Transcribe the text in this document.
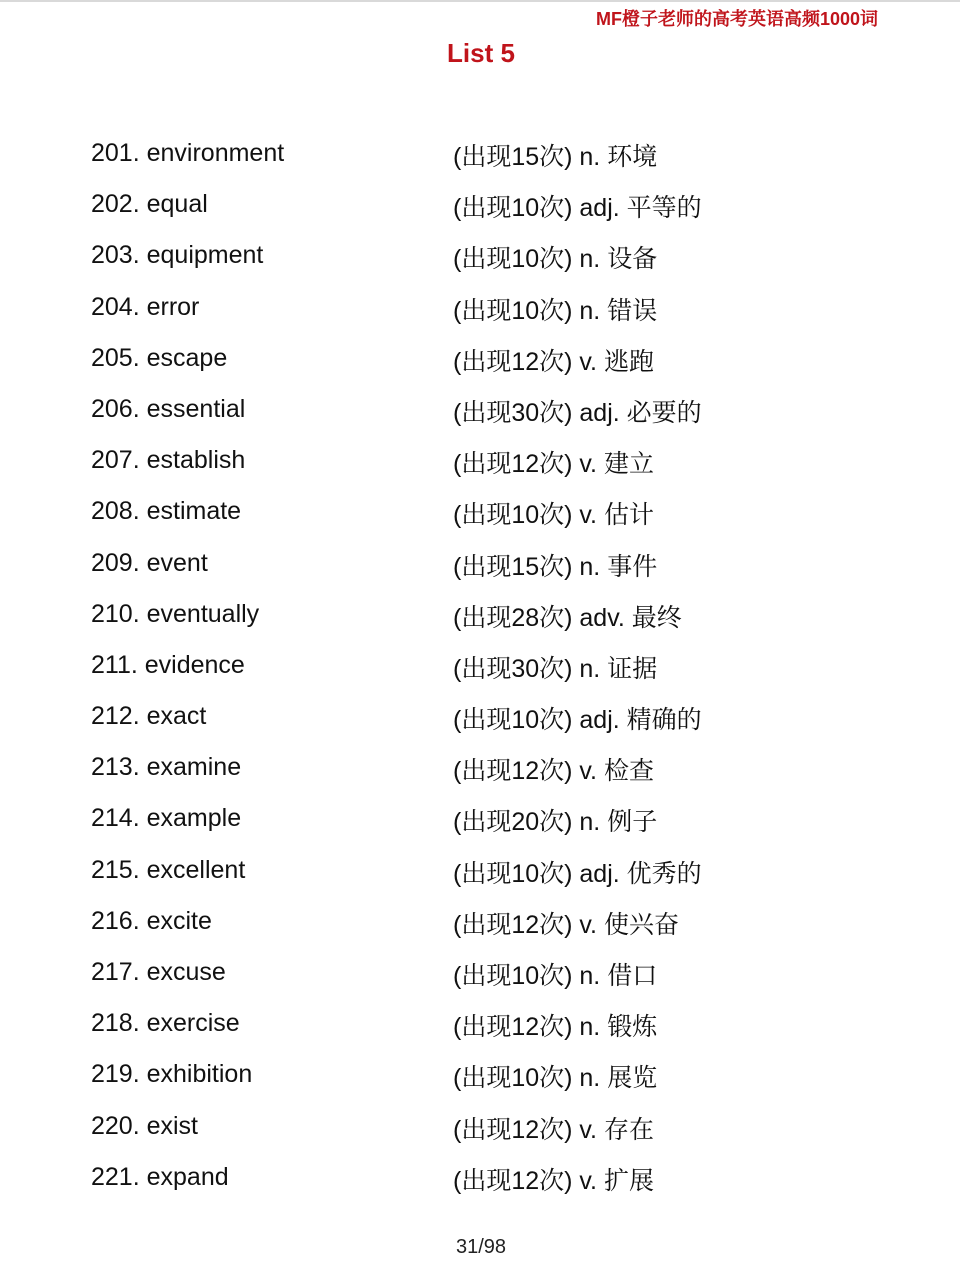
MF橙子老师的高考英语高频1000词
List 5
201. environment	(出现15次) n. 环境
202. equal	(出现10次) adj. 平等的
203. equipment	(出现10次) n. 设备
204. error	(出现10次) n. 错误
205. escape	(出现12次) v. 逃跑
206. essential	(出现30次) adj. 必要的
207. establish	(出现12次) v. 建立
208. estimate	(出现10次) v. 估计
209. event	(出现15次) n. 事件
210. eventually	(出现28次) adv. 最终
211. evidence	(出现30次) n. 证据
212. exact	(出现10次) adj. 精确的
213. examine	(出现12次) v. 检查
214. example	(出现20次) n. 例子
215. excellent	(出现10次) adj. 优秀的
216. excite	(出现12次) v. 使兴奋
217. excuse	(出现10次) n. 借口
218. exercise	(出现12次) n. 锻炼
219. exhibition	(出现10次) n. 展览
220. exist	(出现12次) v. 存在
221. expand	(出现12次) v. 扩展
31/98
